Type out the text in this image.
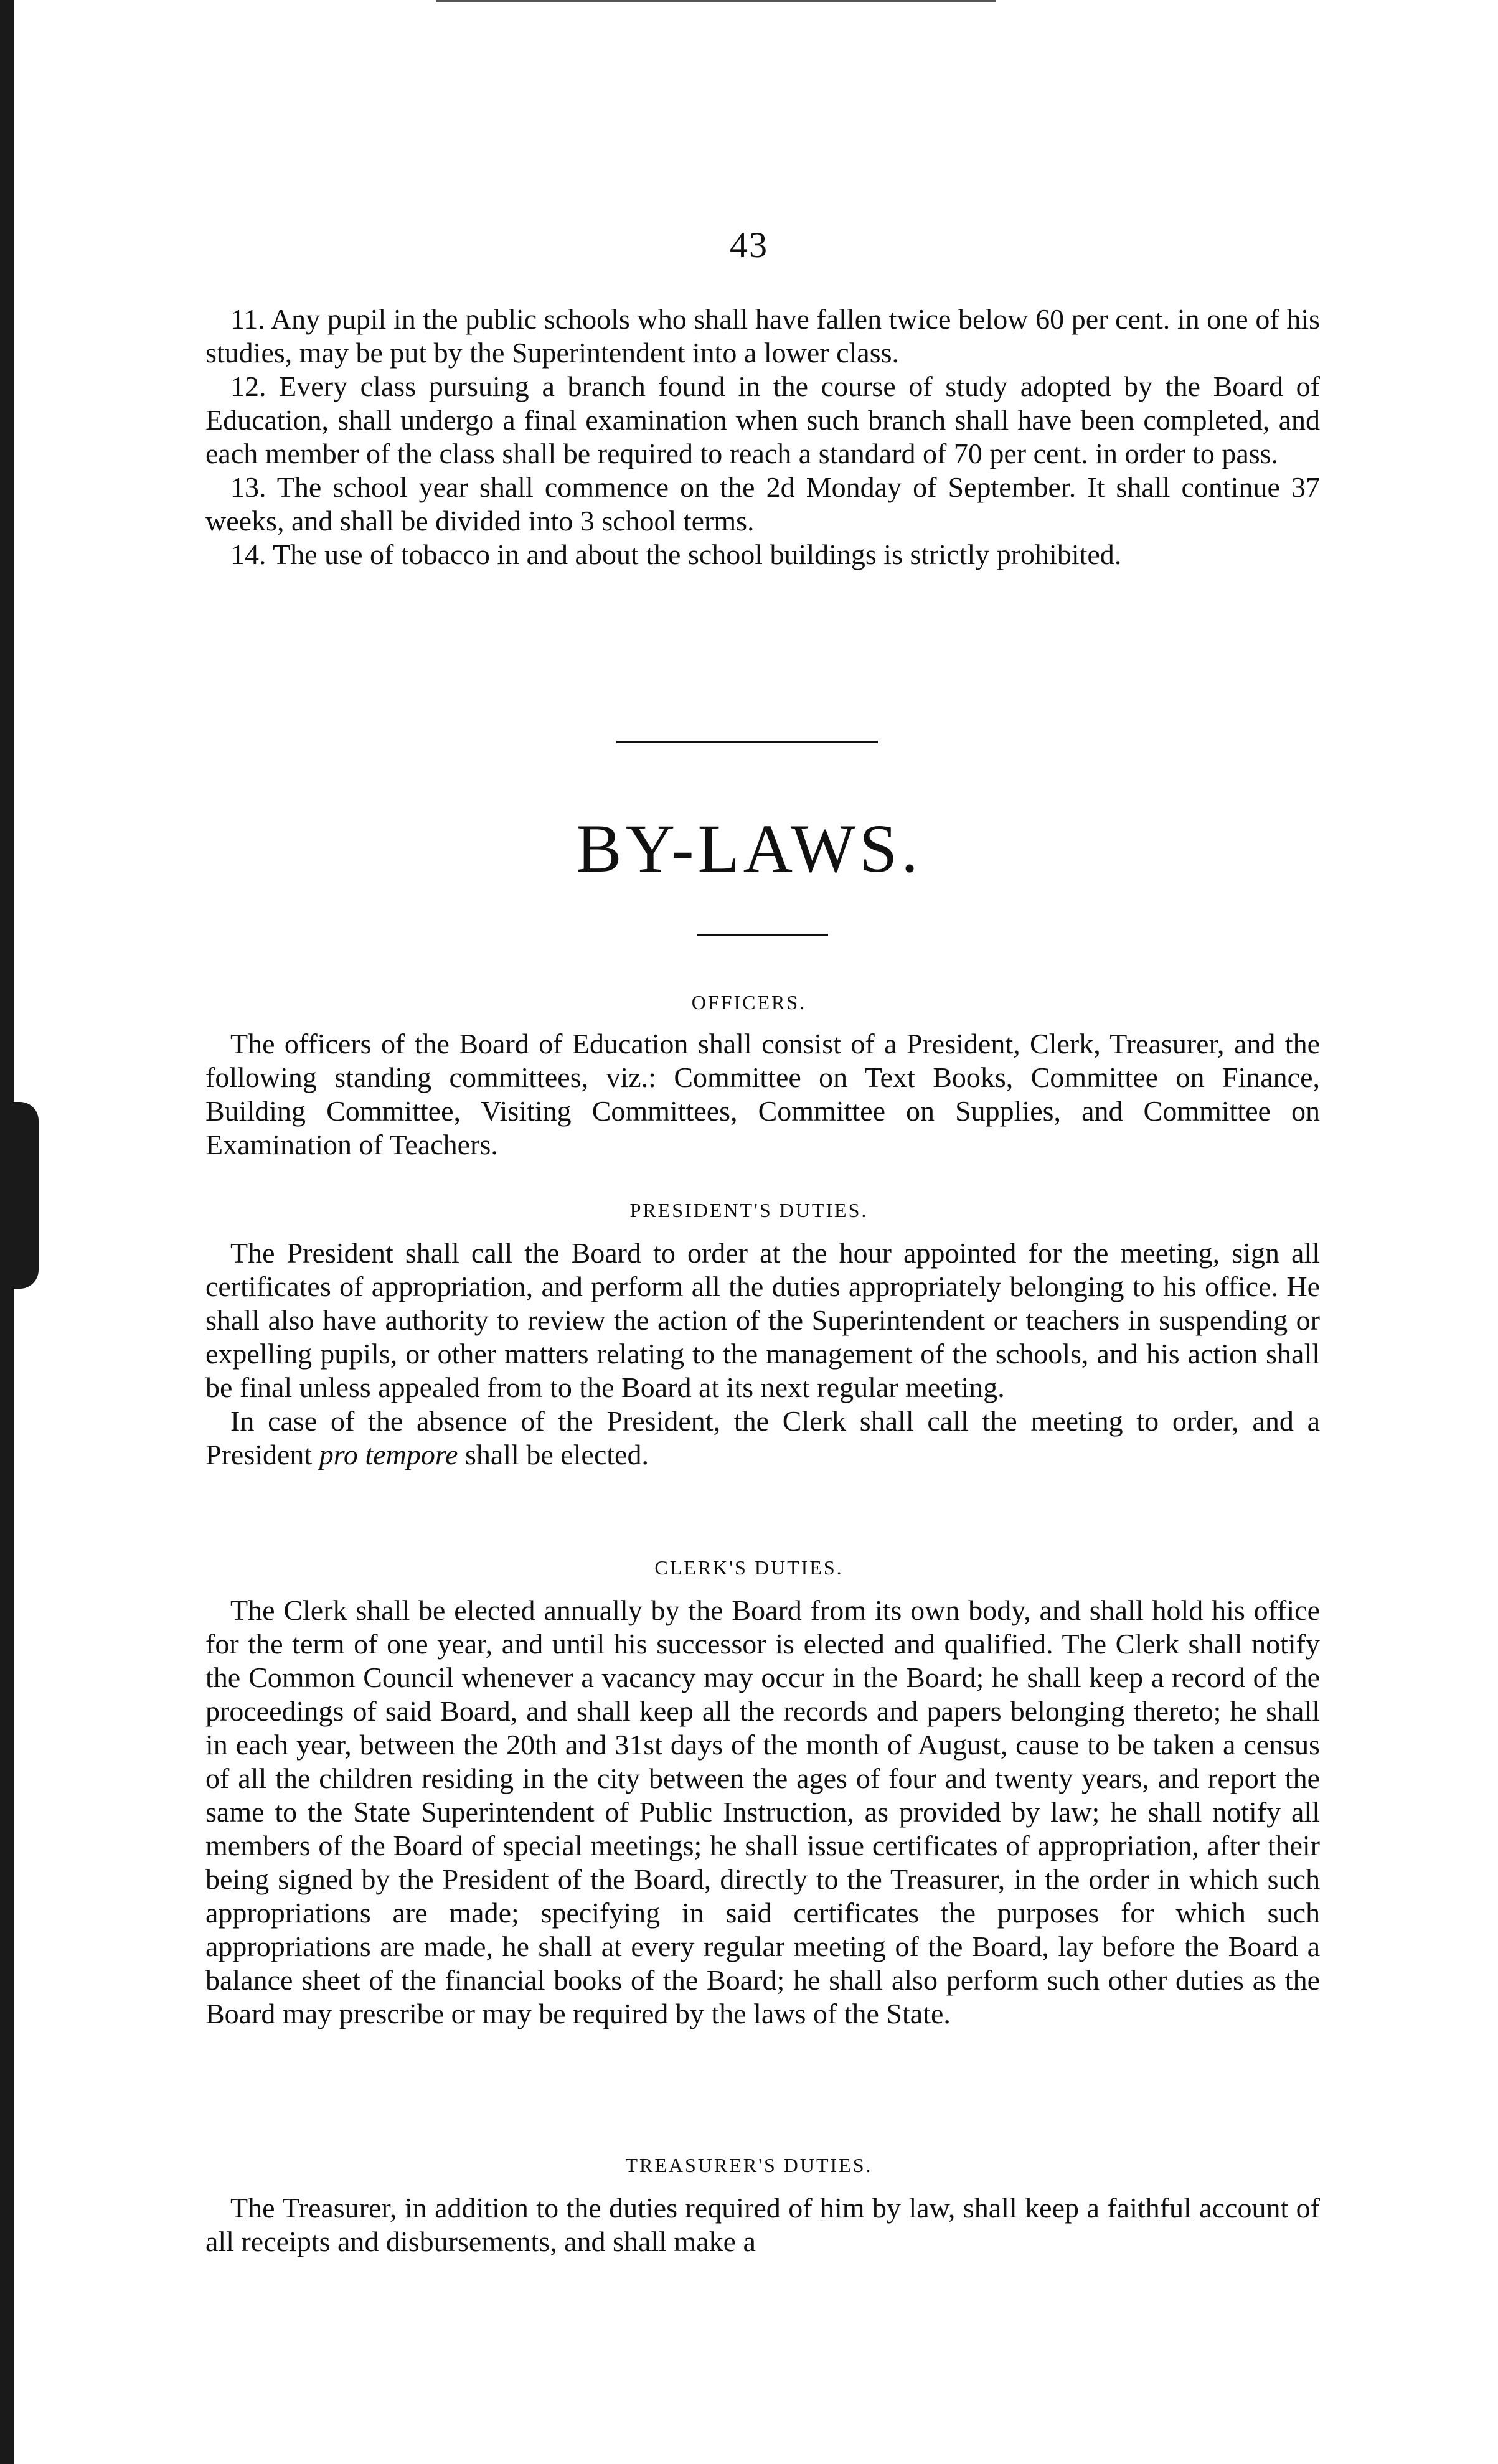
43

11. Any pupil in the public schools who shall have fallen twice below 60 per cent. in one of his studies, may be put by the Superintendent into a lower class.

12. Every class pursuing a branch found in the course of study adopted by the Board of Education, shall undergo a final examination when such branch shall have been completed, and each member of the class shall be required to reach a standard of 70 per cent. in order to pass.

13. The school year shall commence on the 2d Monday of September. It shall continue 37 weeks, and shall be divided into 3 school terms.

14. The use of tobacco in and about the school buildings is strictly prohibited.

BY-LAWS.
OFFICERS.

The officers of the Board of Education shall consist of a President, Clerk, Treasurer, and the following standing committees, viz.: Committee on Text Books, Committee on Finance, Building Committee, Visiting Committees, Committee on Supplies, and Committee on Examination of Teachers.

PRESIDENT'S DUTIES.

The President shall call the Board to order at the hour appointed for the meeting, sign all certificates of appropriation, and perform all the duties appropriately belonging to his office. He shall also have authority to review the action of the Superintendent or teachers in suspending or expelling pupils, or other matters relating to the management of the schools, and his action shall be final unless appealed from to the Board at its next regular meeting.

In case of the absence of the President, the Clerk shall call the meeting to order, and a President pro tempore shall be elected.

CLERK'S DUTIES.

The Clerk shall be elected annually by the Board from its own body, and shall hold his office for the term of one year, and until his successor is elected and qualified. The Clerk shall notify the Common Council whenever a vacancy may occur in the Board; he shall keep a record of the proceedings of said Board, and shall keep all the records and papers belonging thereto; he shall in each year, between the 20th and 31st days of the month of August, cause to be taken a census of all the children residing in the city between the ages of four and twenty years, and report the same to the State Superintendent of Public Instruction, as provided by law; he shall notify all members of the Board of special meetings; he shall issue certificates of appropriation, after their being signed by the President of the Board, directly to the Treasurer, in the order in which such appropriations are made; specifying in said certificates the purposes for which such appropriations are made, he shall at every regular meeting of the Board, lay before the Board a balance sheet of the financial books of the Board; he shall also perform such other duties as the Board may prescribe or may be required by the laws of the State.

TREASURER'S DUTIES.

The Treasurer, in addition to the duties required of him by law, shall keep a faithful account of all receipts and disbursements, and shall make a
